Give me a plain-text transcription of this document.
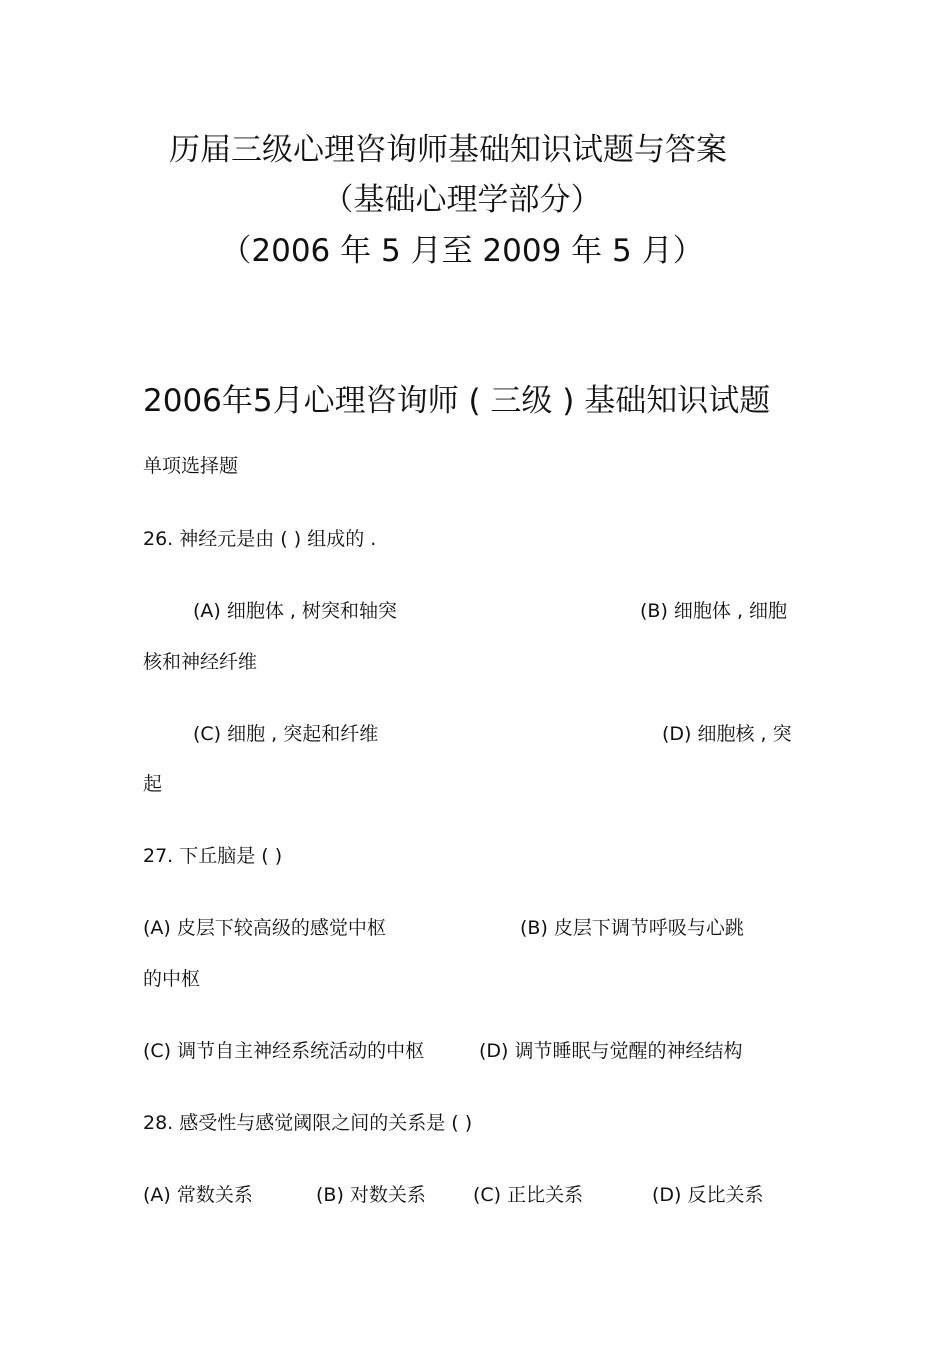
历届三级心理咨询师基础知识试题与答案
（基础心理学部分）
（2006 年 5 月至 2009 年 5 月）
2006年5月心理咨询师 ( 三级 ) 基础知识试题
单项选择题
26. 神经元是由 ( ) 组成的 .
(A) 细胞体 , 树突和轴突	(B) 细胞体 , 细胞
核和神经纤维
(C) 细胞 , 突起和纤维	(D) 细胞核 , 突
起
27. 下丘脑是 ( )
(A) 皮层下较高级的感觉中枢	(B) 皮层下调节呼吸与心跳
的中枢
(C) 调节自主神经系统活动的中枢	(D) 调节睡眠与觉醒的神经结构
28. 感受性与感觉阈限之间的关系是 ( )
(A) 常数关系	(B) 对数关系 (C) 正比关系	(D) 反比关系
